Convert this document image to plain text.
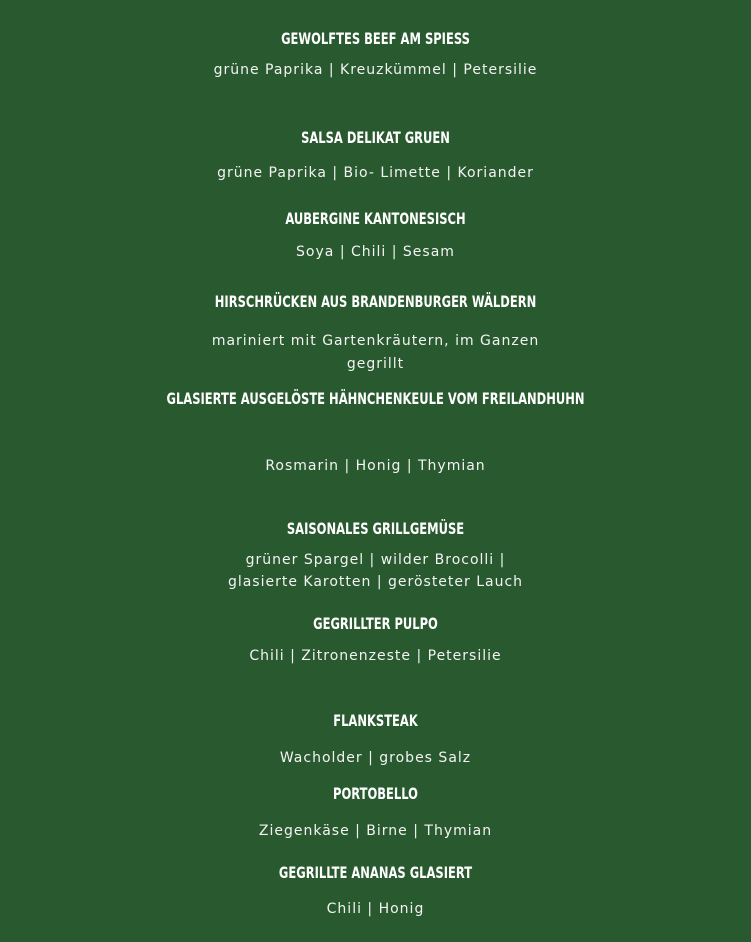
GEWOLFTES BEEF AM SPIESS
grüne Paprika | Kreuzkümmel | Petersilie
SALSA DELIKAT GRUEN
grüne Paprika | Bio- Limette | Koriander
AUBERGINE KANTONESISCH
Soya | Chili | Sesam
HIRSCHRÜCKEN AUS BRANDENBURGER WÄLDERN
mariniert mit Gartenkräutern, im Ganzen
gegrillt
GLASIERTE AUSGELÖSTE HÄHNCHENKEULE VOM FREILANDHUHN
Rosmarin | Honig | Thymian
SAISONALES GRILLGEMÜSE
grüner Spargel | wilder Brocolli |
glasierte Karotten | gerösteter Lauch
GEGRILLTER PULPO
Chili | Zitronenzeste | Petersilie
FLANKSTEAK
Wacholder | grobes Salz
PORTOBELLO
Ziegenkäse | Birne | Thymian
GEGRILLTE ANANAS GLASIERT
Chili | Honig
